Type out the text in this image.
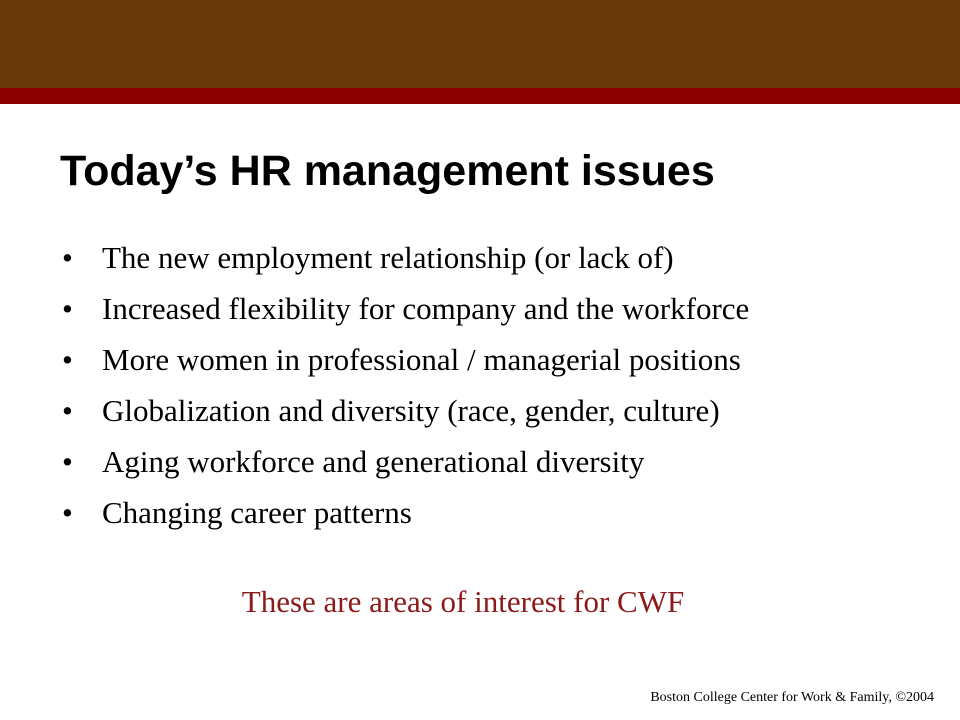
Today’s HR management issues
• The new employment relationship (or lack of)
• Increased flexibility for company and the workforce
• More women in professional / managerial positions
• Globalization and diversity (race, gender, culture)
• Aging workforce and generational diversity
• Changing career patterns

These are areas of interest for CWF

Boston College Center for Work & Family, ©2004
